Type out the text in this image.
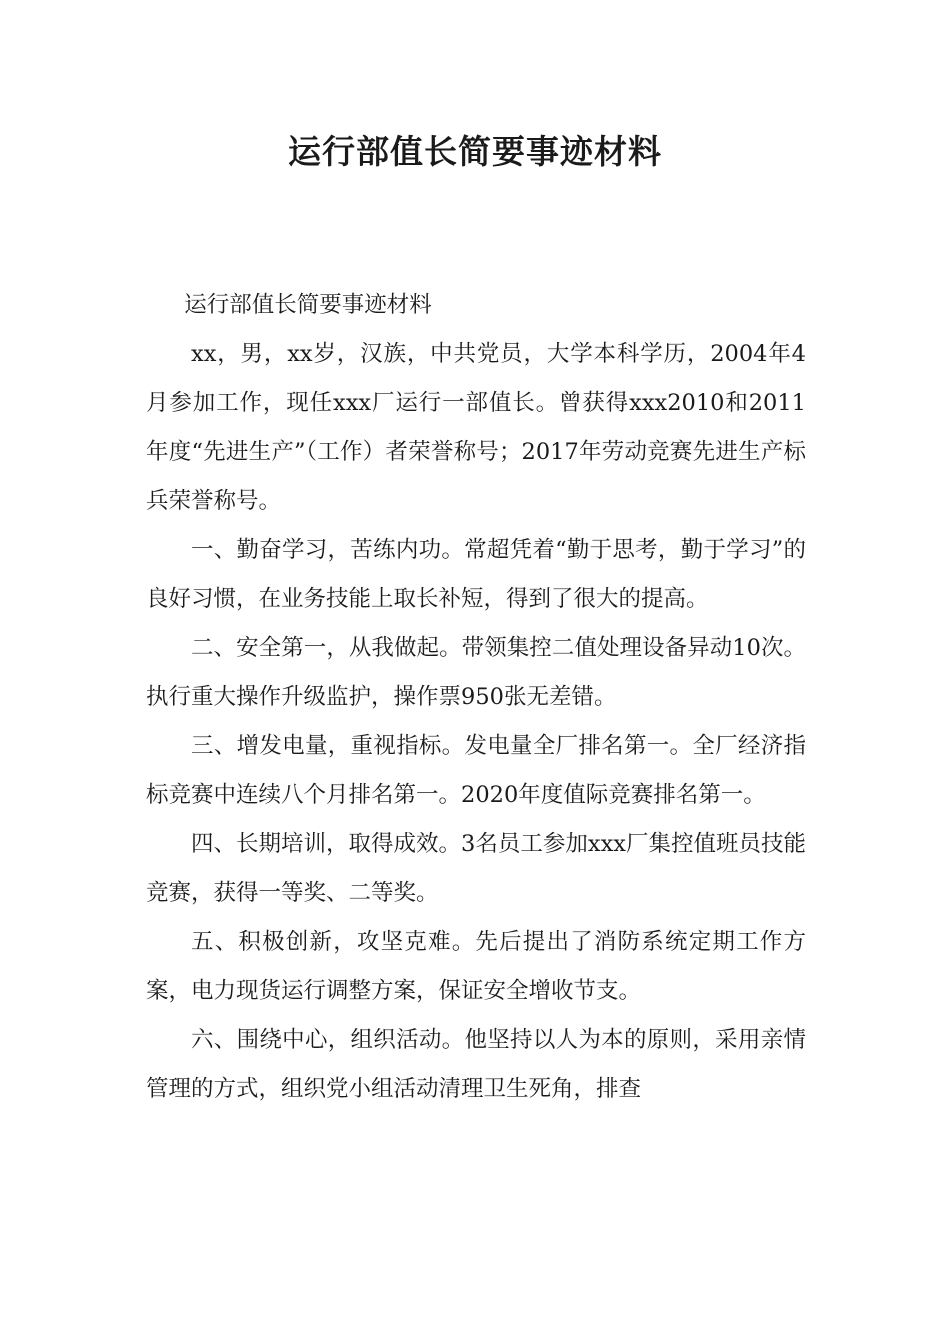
运行部值长简要事迹材料

运行部值长简要事迹材料

xx，男，xx岁，汉族，中共党员，大学本科学历，2004年4月参加工作，现任xxx厂运行一部值长。曾获得xxx2010和2011年度“先进生产”（工作）者荣誉称号；2017年劳动竞赛先进生产标兵荣誉称号。

一、勤奋学习，苦练内功。常超凭着“勤于思考，勤于学习”的良好习惯，在业务技能上取长补短，得到了很大的提高。

二、安全第一，从我做起。带领集控二值处理设备异动10次。执行重大操作升级监护，操作票950张无差错。

三、增发电量，重视指标。发电量全厂排名第一。全厂经济指标竞赛中连续八个月排名第一。2020年度值际竞赛排名第一。

四、长期培训，取得成效。3名员工参加xxx厂集控值班员技能竞赛，获得一等奖、二等奖。

五、积极创新，攻坚克难。先后提出了消防系统定期工作方案，电力现货运行调整方案，保证安全增收节支。

六、围绕中心，组织活动。他坚持以人为本的原则，采用亲情管理的方式，组织党小组活动清理卫生死角，排查
